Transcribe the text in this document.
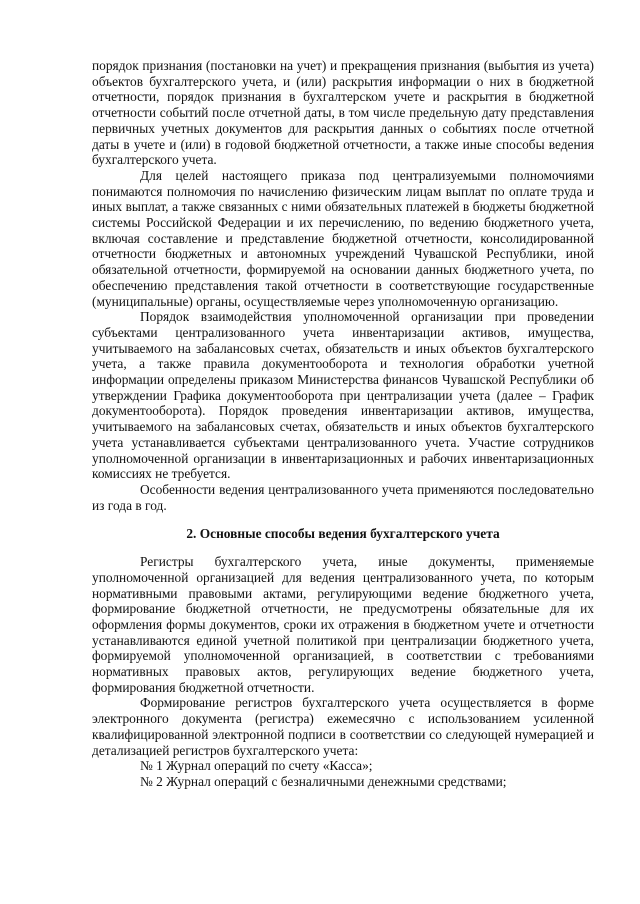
порядок признания (постановки на учет) и прекращения признания (выбытия из учета) объектов бухгалтерского учета, и (или) раскрытия информации о них в бюджетной отчетности, порядок признания в бухгалтерском учете и раскрытия в бюджетной отчетности событий после отчетной даты, в том числе предельную дату представления первичных учетных документов для раскрытия данных о событиях после отчетной даты в учете и (или) в годовой бюджетной отчетности, а также иные способы ведения бухгалтерского учета.

Для целей настоящего приказа под централизуемыми полномочиями понимаются полномочия по начислению физическим лицам выплат по оплате труда и иных выплат, а также связанных с ними обязательных платежей в бюджеты бюджетной системы Российской Федерации и их перечислению, по ведению бюджетного учета, включая составление и представление бюджетной отчетности, консолидированной отчетности бюджетных и автономных учреждений Чувашской Республики, иной обязательной отчетности, формируемой на основании данных бюджетного учета, по обеспечению представления такой отчетности в соответствующие государственные (муниципальные) органы, осуществляемые через уполномоченную организацию.

Порядок взаимодействия уполномоченной организации при проведении субъектами централизованного учета инвентаризации активов, имущества, учитываемого на забалансовых счетах, обязательств и иных объектов бухгалтерского учета, а также правила документооборота и технология обработки учетной информации определены приказом Министерства финансов Чувашской Республики об утверждении Графика документооборота при централизации учета (далее – График документооборота). Порядок проведения инвентаризации активов, имущества, учитываемого на забалансовых счетах, обязательств и иных объектов бухгалтерского учета устанавливается субъектами централизованного учета. Участие сотрудников уполномоченной организации в инвентаризационных и рабочих инвентаризационных комиссиях не требуется.

Особенности ведения централизованного учета применяются последовательно из года в год.

2. Основные способы ведения бухгалтерского учета

Регистры бухгалтерского учета, иные документы, применяемые уполномоченной организацией для ведения централизованного учета, по которым нормативными правовыми актами, регулирующими ведение бюджетного учета, формирование бюджетной отчетности, не предусмотрены обязательные для их оформления формы документов, сроки их отражения в бюджетном учете и отчетности устанавливаются единой учетной политикой при централизации бюджетного учета, формируемой уполномоченной организацией, в соответствии с требованиями нормативных правовых актов, регулирующих ведение бюджетного учета, формирования бюджетной отчетности.

Формирование регистров бухгалтерского учета осуществляется в форме электронного документа (регистра) ежемесячно с использованием усиленной квалифицированной электронной подписи в соответствии со следующей нумерацией и детализацией регистров бухгалтерского учета:

№ 1 Журнал операций по счету «Касса»;
№ 2 Журнал операций с безналичными денежными средствами;
